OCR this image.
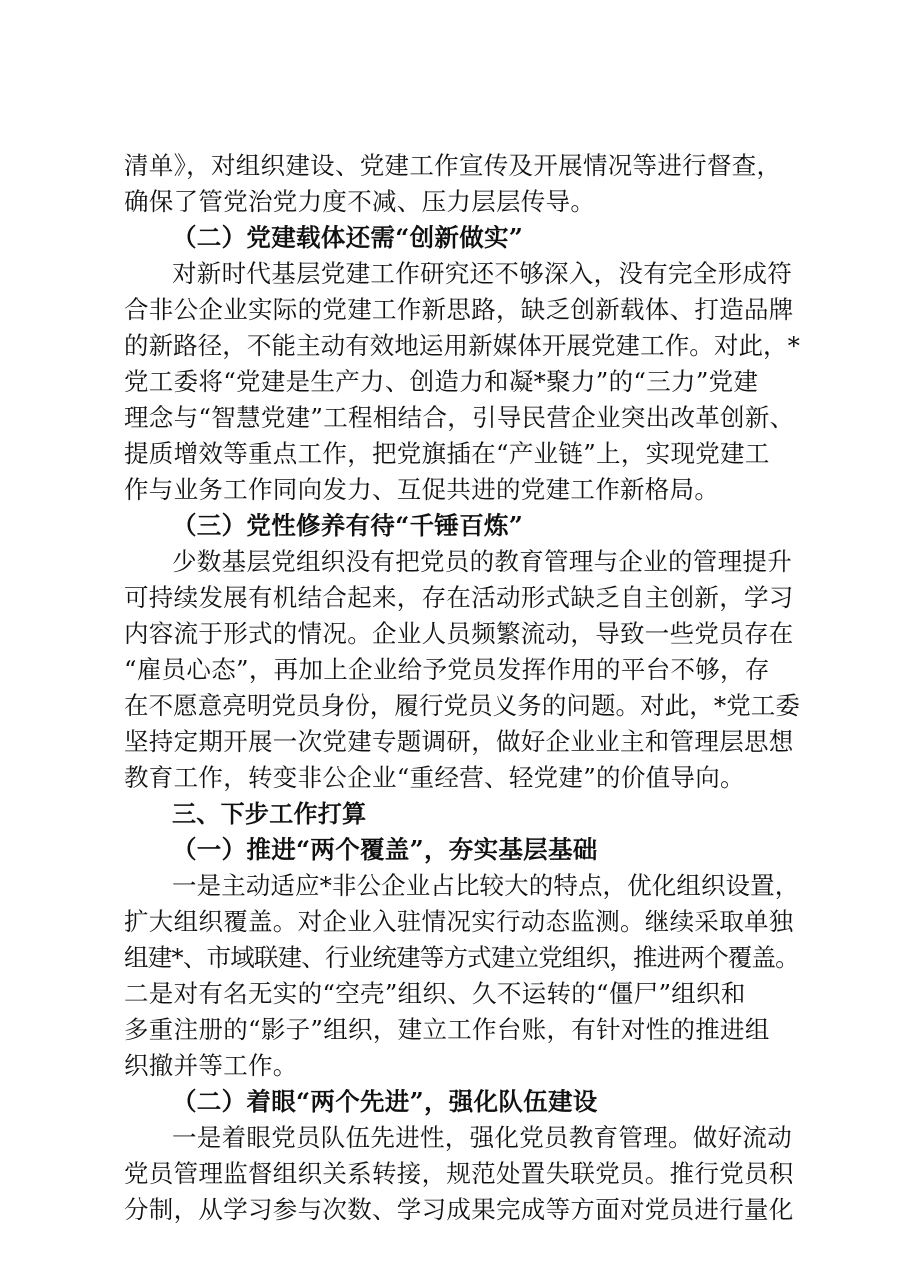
清单》，对组织建设、党建工作宣传及开展情况等进行督查，
确保了管党治党力度不减、压力层层传导。
（二）党建载体还需“创新做实”
对新时代基层党建工作研究还不够深入，没有完全形成符
合非公企业实际的党建工作新思路，缺乏创新载体、打造品牌
的新路径，不能主动有效地运用新媒体开展党建工作。对此，*
党工委将“党建是生产力、创造力和凝*聚力”的“三力”党建
理念与“智慧党建”工程相结合，引导民营企业突出改革创新、
提质增效等重点工作，把党旗插在“产业链”上，实现党建工
作与业务工作同向发力、互促共进的党建工作新格局。
（三）党性修养有待“千锤百炼”
少数基层党组织没有把党员的教育管理与企业的管理提升
可持续发展有机结合起来，存在活动形式缺乏自主创新，学习
内容流于形式的情况。企业人员频繁流动，导致一些党员存在
“雇员心态”，再加上企业给予党员发挥作用的平台不够，存
在不愿意亮明党员身份，履行党员义务的问题。对此，*党工委
坚持定期开展一次党建专题调研，做好企业业主和管理层思想
教育工作，转变非公企业“重经营、轻党建”的价值导向。
三、下步工作打算
（一）推进“两个覆盖”，夯实基层基础
一是主动适应*非公企业占比较大的特点，优化组织设置，
扩大组织覆盖。对企业入驻情况实行动态监测。继续采取单独
组建*、市域联建、行业统建等方式建立党组织，推进两个覆盖。
二是对有名无实的“空壳”组织、久不运转的“僵尸”组织和
多重注册的“影子”组织，建立工作台账，有针对性的推进组
织撤并等工作。
（二）着眼“两个先进”，强化队伍建设
一是着眼党员队伍先进性，强化党员教育管理。做好流动
党员管理监督组织关系转接，规范处置失联党员。推行党员积
分制，从学习参与次数、学习成果完成等方面对党员进行量化
